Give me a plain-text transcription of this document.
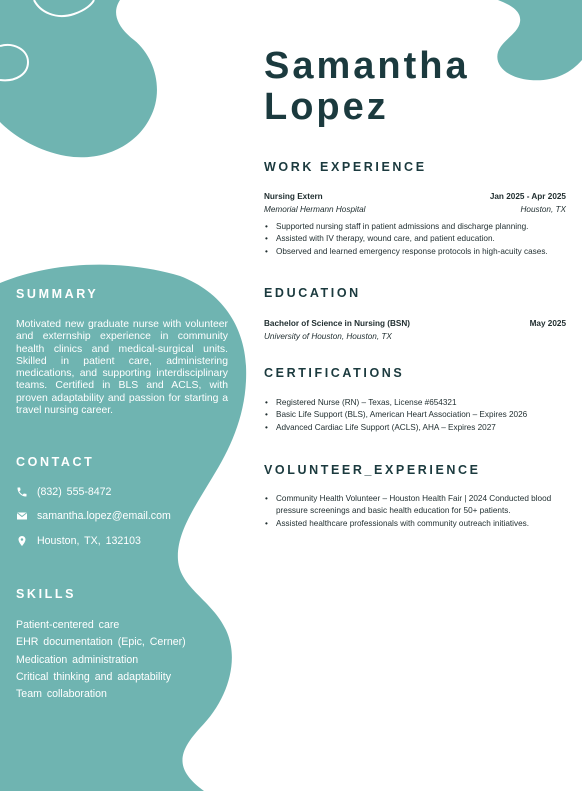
SUMMARY

Motivated new graduate nurse with volunteer and externship experience in community health clinics and medical-surgical units. Skilled in patient care, administering medications, and supporting interdisciplinary teams. Certified in BLS and ACLS, with proven adaptability and passion for starting a travel nursing career.

CONTACT
(832) 555-8472
samantha.lopez@email.com
Houston, TX, 132103
SKILLS
Patient-centered care
EHR documentation (Epic, Cerner)
Medication administration
Critical thinking and adaptability
Team collaboration
Samantha
Lopez
WORK EXPERIENCE
Nursing Extern	Jan 2025 - Apr 2025
Memorial Hermann Hospital	Houston, TX
• Supported nursing staff in patient admissions and discharge planning.
• Assisted with IV therapy, wound care, and patient education.
• Observed and learned emergency response protocols in high-acuity cases.
EDUCATION
Bachelor of Science in Nursing (BSN)	May 2025
University of Houston, Houston, TX
CERTIFICATIONS
• Registered Nurse (RN) – Texas, License #654321
• Basic Life Support (BLS), American Heart Association – Expires 2026
• Advanced Cardiac Life Support (ACLS), AHA – Expires 2027
VOLUNTEER_EXPERIENCE
• Community Health Volunteer – Houston Health Fair | 2024 Conducted blood pressure screenings and basic health education for 50+ patients.
• Assisted healthcare professionals with community outreach initiatives.
